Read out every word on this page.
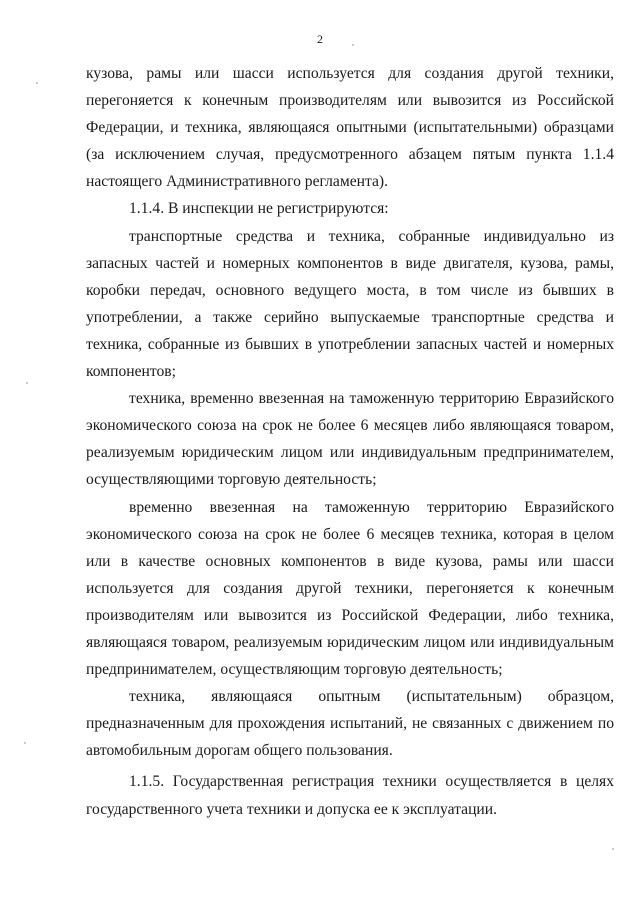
2

кузова, рамы или шасси используется для создания другой техники, перегоняется к конечным производителям или вывозится из Российской Федерации, и техника, являющаяся опытными (испытательными) образцами (за исключением случая, предусмотренного абзацем пятым пункта 1.1.4 настоящего Административного регламента).

1.1.4. В инспекции не регистрируются:

транспортные средства и техника, собранные индивидуально из запасных частей и номерных компонентов в виде двигателя, кузова, рамы, коробки передач, основного ведущего моста, в том числе из бывших в употреблении, а также серийно выпускаемые транспортные средства и техника, собранные из бывших в употреблении запасных частей и номерных компонентов;

техника, временно ввезенная на таможенную территорию Евразийского экономического союза на срок не более 6 месяцев либо являющаяся товаром, реализуемым юридическим лицом или индивидуальным предпринимателем, осуществляющими торговую деятельность;

временно ввезенная на таможенную территорию Евразийского экономического союза на срок не более 6 месяцев техника, которая в целом или в качестве основных компонентов в виде кузова, рамы или шасси используется для создания другой техники, перегоняется к конечным производителям или вывозится из Российской Федерации, либо техника, являющаяся товаром, реализуемым юридическим лицом или индивидуальным предпринимателем, осуществляющим торговую деятельность;

техника, являющаяся опытным (испытательным) образцом, предназначенным для прохождения испытаний, не связанных с движением по автомобильным дорогам общего пользования.

1.1.5. Государственная регистрация техники осуществляется в целях государственного учета техники и допуска ее к эксплуатации.
